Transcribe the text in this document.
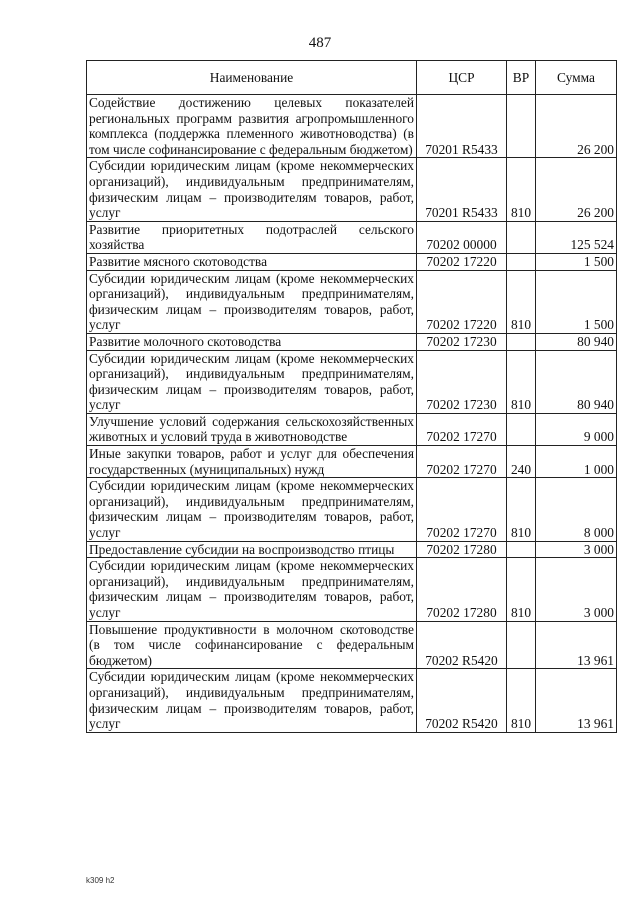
487
Наименование	ЦСР	ВР	Сумма
Содействие достижению целевых показателей региональных программ развития агропромышленного комплекса (поддержка племенного животноводства) (в том числе софинансирование с федеральным бюджетом)	70201 R5433		26 200
Субсидии юридическим лицам (кроме некоммерческих организаций), индивидуальным предпринимателям, физическим лицам – производителям товаров, работ, услуг	70201 R5433	810	26 200
Развитие приоритетных подотраслей сельского хозяйства	70202 00000		125 524
Развитие мясного скотоводства	70202 17220		1 500
Субсидии юридическим лицам (кроме некоммерческих организаций), индивидуальным предпринимателям, физическим лицам – производителям товаров, работ, услуг	70202 17220	810	1 500
Развитие молочного скотоводства	70202 17230		80 940
Субсидии юридическим лицам (кроме некоммерческих организаций), индивидуальным предпринимателям, физическим лицам – производителям товаров, работ, услуг	70202 17230	810	80 940
Улучшение условий содержания сельскохозяйственных животных и условий труда в животноводстве	70202 17270		9 000
Иные закупки товаров, работ и услуг для обеспечения государственных (муниципальных) нужд	70202 17270	240	1 000
Субсидии юридическим лицам (кроме некоммерческих организаций), индивидуальным предпринимателям, физическим лицам – производителям товаров, работ, услуг	70202 17270	810	8 000
Предоставление субсидии на воспроизводство птицы	70202 17280		3 000
Субсидии юридическим лицам (кроме некоммерческих организаций), индивидуальным предпринимателям, физическим лицам – производителям товаров, работ, услуг	70202 17280	810	3 000
Повышение продуктивности в молочном скотоводстве (в том числе софинансирование с федеральным бюджетом)	70202 R5420		13 961
Субсидии юридическим лицам (кроме некоммерческих организаций), индивидуальным предпринимателям, физическим лицам – производителям товаров, работ, услуг	70202 R5420	810	13 961
k309 h2
